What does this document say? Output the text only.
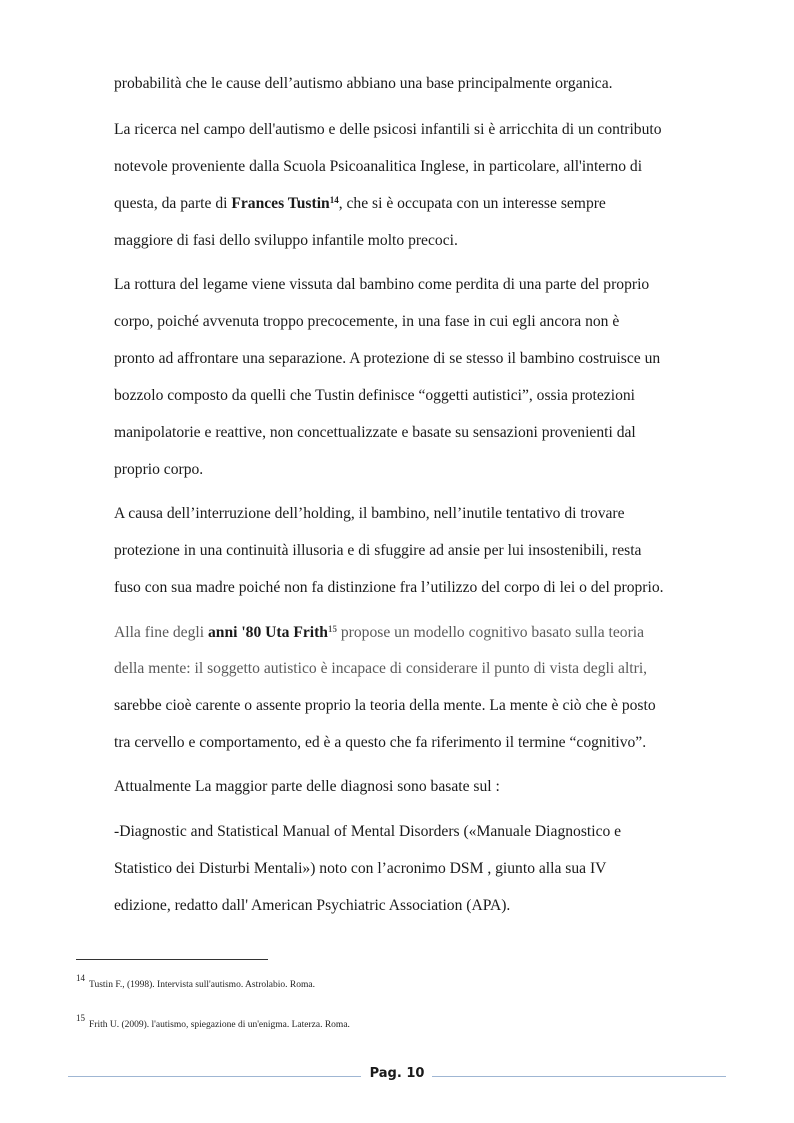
probabilità che le cause dell’autismo abbiano una base principalmente organica.

La ricerca nel campo dell'autismo e delle psicosi infantili si è arricchita di un contributo

notevole proveniente dalla Scuola Psicoanalitica Inglese, in particolare, all'interno di

questa, da parte di Frances Tustin$^{14}$, che si è occupata con un interesse sempre

maggiore di fasi dello sviluppo infantile molto precoci.

La rottura del legame viene vissuta dal bambino come perdita di una parte del proprio

corpo, poiché avvenuta troppo precocemente, in una fase in cui egli ancora non è

pronto ad affrontare una separazione. A protezione di se stesso il bambino costruisce un

bozzolo composto da quelli che Tustin definisce “oggetti autistici”, ossia protezioni

manipolatorie e reattive, non concettualizzate e basate su sensazioni provenienti dal

proprio corpo.

A causa dell’interruzione dell’holding, il bambino, nell’inutile tentativo di trovare

protezione in una continuità illusoria e di sfuggire ad ansie per lui insostenibili, resta

fuso con sua madre poiché non fa distinzione fra l’utilizzo del corpo di lei o del proprio.

Alla fine degli anni '80 Uta Frith$^{15}$ propose un modello cognitivo basato sulla teoria

della mente: il soggetto autistico è incapace di considerare il punto di vista degli altri,

sarebbe cioè carente o assente proprio la teoria della mente. La mente è ciò che è posto

tra cervello e comportamento, ed è a questo che fa riferimento il termine “cognitivo”.

Attualmente La maggior parte delle diagnosi sono basate sul :

-Diagnostic and Statistical Manual of Mental Disorders («Manuale Diagnostico e

Statistico dei Disturbi Mentali») noto con l’acronimo DSM , giunto alla sua IV

edizione, redatto dall' American Psychiatric Association (APA).

14Tustin F., (1998). Intervista sull'autismo. Astrolabio. Roma.

15Frith U. (2009). l'autismo, spiegazione di un'enigma. Laterza. Roma.

Pag. 10
